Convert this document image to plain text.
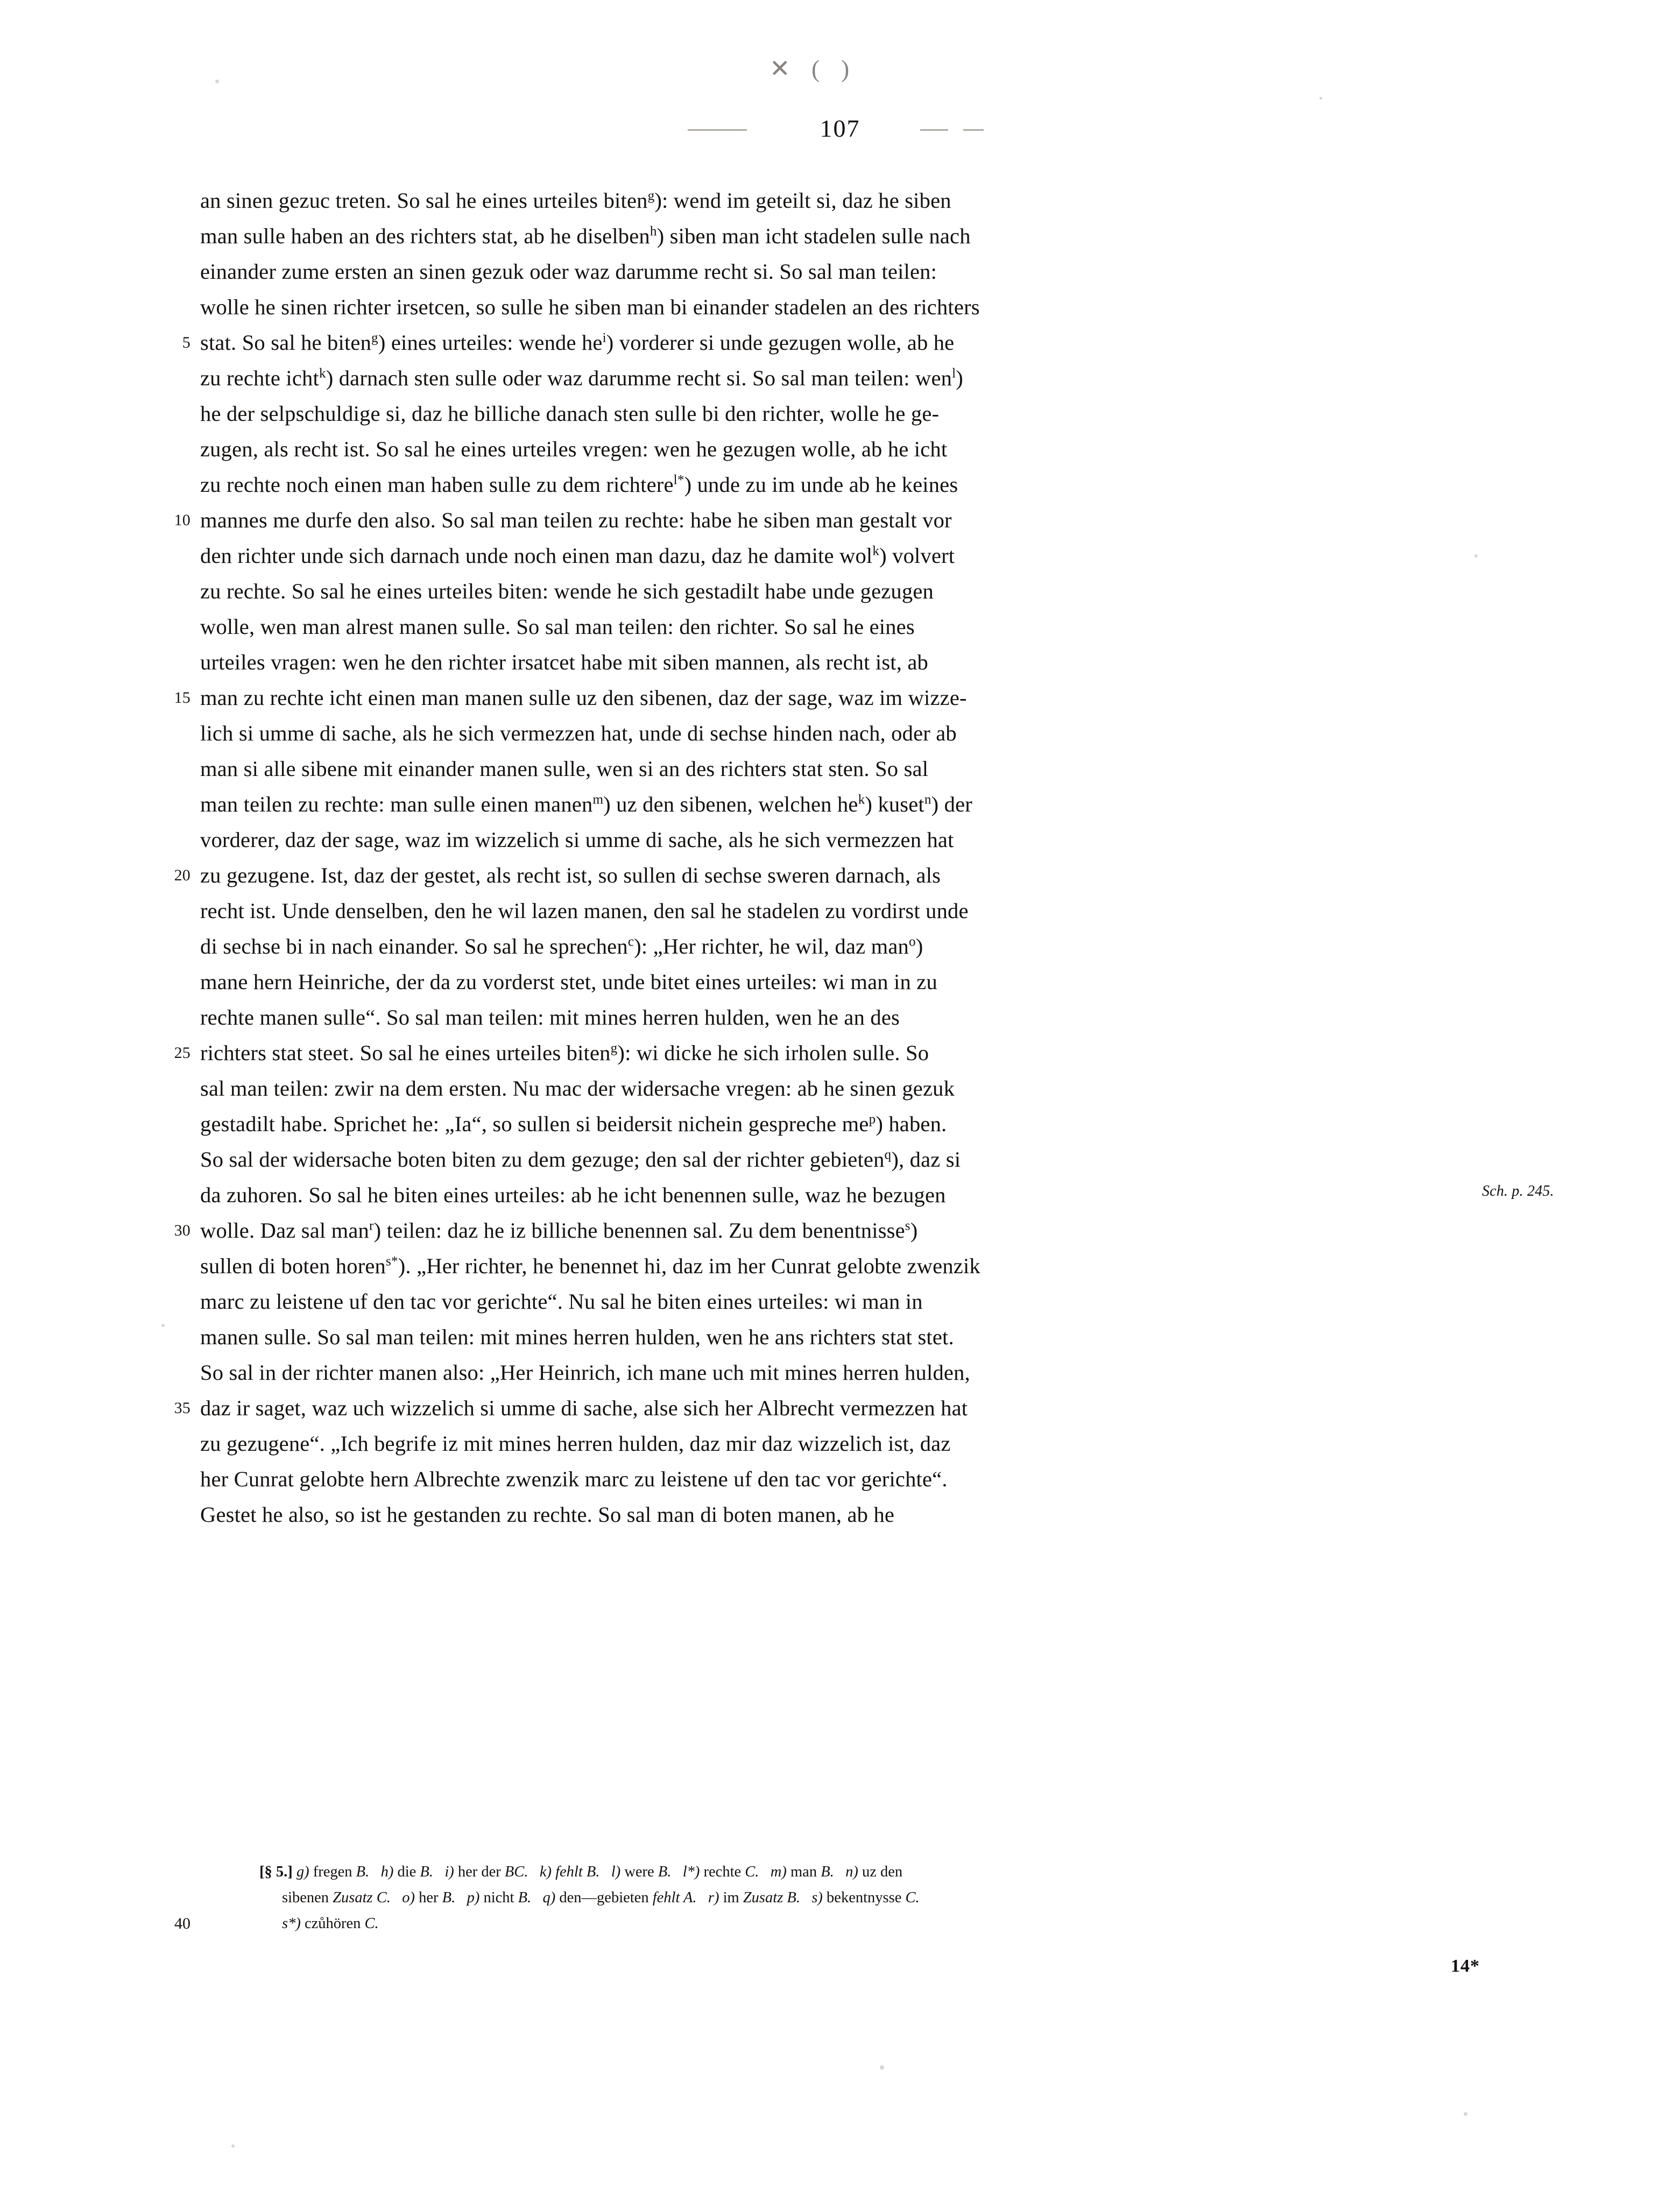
✕ ( )
107
an sinen gezuc treten. So sal he eines urteiles biten$^g$): wend im geteilt si, daz he siben
man sulle haben an des richters stat, ab he diselben$^h$) siben man icht stadelen sulle nach
einander zume ersten an sinen gezuk oder waz darumme recht si. So sal man teilen:
wolle he sinen richter irsetcen, so sulle he siben man bi einander stadelen an des richters
5 stat. So sal he biten$^g$) eines urteiles: wende $he^i$) vorderer si unde gezugen wolle, ab he
zu rechte icht$^k$) darnach sten sulle oder waz darumme recht si. So sal man teilen: wen$^l$)
he der selpschuldige si, daz he billiche danach sten sulle bi den richter, wolle he ge-
zugen, als recht ist. So sal he eines urteiles vregen: wen he gezugen wolle, ab he icht
zu rechte noch einen man haben sulle zu dem richtere$^{l*}$) unde zu im unde ab he keines
10 mannes me durfe den also. So sal man teilen zu rechte: habe he siben man gestalt vor
den richter unde sich darnach unde noch einen man dazu, daz he damite wol$^k$) volvert
zu rechte. So sal he eines urteiles biten: wende he sich gestadilt habe unde gezugen
wolle, wen man alrest manen sulle. So sal man teilen: den richter. So sal he eines
urteiles vragen: wen he den richter irsatcet habe mit siben mannen, als recht ist, ab
15 man zu rechte icht einen man manen sulle uz den sibenen, daz der sage, waz im wizze-
lich si umme di sache, als he sich vermezzen hat, unde di sechse hinden nach, oder ab
man si alle sibene mit einander manen sulle, wen si an des richters stat sten. So sal
man teilen zu rechte: man sulle einen manen$^m$) uz den sibenen, welchen $he^k$) kuset$^n$) der
vorderer, daz der sage, waz im wizzelich si umme di sache, als he sich vermezzen hat
20 zu gezugene. Ist, daz der gestet, als recht ist, so sullen di sechse sweren darnach, als
recht ist. Unde denselben, den he wil lazen manen, den sal he stadelen zu vordirst unde
di sechse bi in nach einander. So sal he sprechen$^c$): „Her richter, he wil, daz man$^o$)
mane hern Heinriche, der da zu vorderst stet, unde bitet eines urteiles: wi man in zu
rechte manen sulle“. So sal man teilen: mit mines herren hulden, wen he an des
25 richters stat steet. So sal he eines urteiles biten$^g$): wi dicke he sich irholen sulle. So
sal man teilen: zwir na dem ersten. Nu mac der widersache vregen: ab he sinen gezuk
gestadilt habe. Sprichet he: „Ia“, so sullen si beidersit nichein gespreche $me^p$) haben.
So sal der widersache boten biten zu dem gezuge; den sal der richter gebieten$^q$), daz si
da zuhoren. So sal he biten eines urteiles: ab he icht benennen sulle, waz he bezugen	Sch. p. 245.
30 wolle. Daz sal man$^r$) teilen: daz he iz billiche benennen sal. Zu dem benentnisse$^s$)
sullen di boten horen$^{s*}$). „Her richter, he benennet hi, daz im her Cunrat gelobte zwenzik
marc zu leistene uf den tac vor gerichte“. Nu sal he biten eines urteiles: wi man in
manen sulle. So sal man teilen: mit mines herren hulden, wen he ans richters stat stet.
So sal in der richter manen also: „Her Heinrich, ich mane uch mit mines herren hulden,
35 daz ir saget, waz uch wizzelich si umme di sache, alse sich her Albrecht vermezzen hat
zu gezugene“. „Ich begrife iz mit mines herren hulden, daz mir daz wizzelich ist, daz
her Cunrat gelobte hern Albrechte zwenzik marc zu leistene uf den tac vor gerichte“.
Gestet he also, so ist he gestanden zu rechte. So sal man di boten manen, ab he
40
[§ 5.] g) fregen B. h) die B. i) her der BC. k) fehlt B. l) were B. l*) rechte C. m) man B. n) uz den
sibenen Zusatz C. o) her B. p) nicht B. q) den—gebieten fehlt A. r) im Zusatz B. s) bekentnysse C.
s*) czůhören C.
14*
